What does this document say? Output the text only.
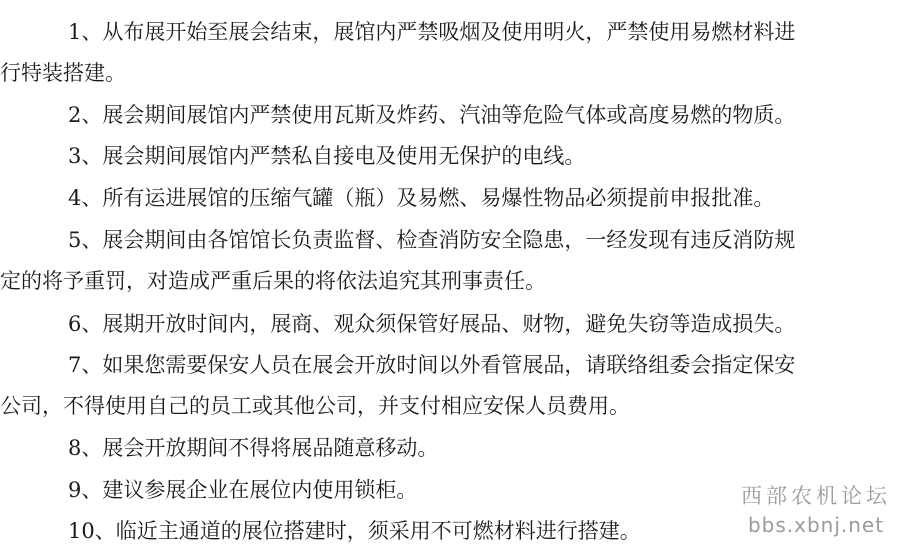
1、从布展开始至展会结束，展馆内严禁吸烟及使用明火，严禁使用易燃材料进
行特装搭建。
2、展会期间展馆内严禁使用瓦斯及炸药、汽油等危险气体或高度易燃的物质。
3、展会期间展馆内严禁私自接电及使用无保护的电线。
4、所有运进展馆的压缩气罐（瓶）及易燃、易爆性物品必须提前申报批准。
5、展会期间由各馆馆长负责监督、检查消防安全隐患，一经发现有违反消防规
定的将予重罚，对造成严重后果的将依法追究其刑事责任。
6、展期开放时间内，展商、观众须保管好展品、财物，避免失窃等造成损失。
7、如果您需要保安人员在展会开放时间以外看管展品，请联络组委会指定保安
公司，不得使用自己的员工或其他公司，并支付相应安保人员费用。
8、展会开放期间不得将展品随意移动。
9、建议参展企业在展位内使用锁柜。
10、临近主通道的展位搭建时，须采用不可燃材料进行搭建。
西部农机论坛
bbs.xbnj.net
